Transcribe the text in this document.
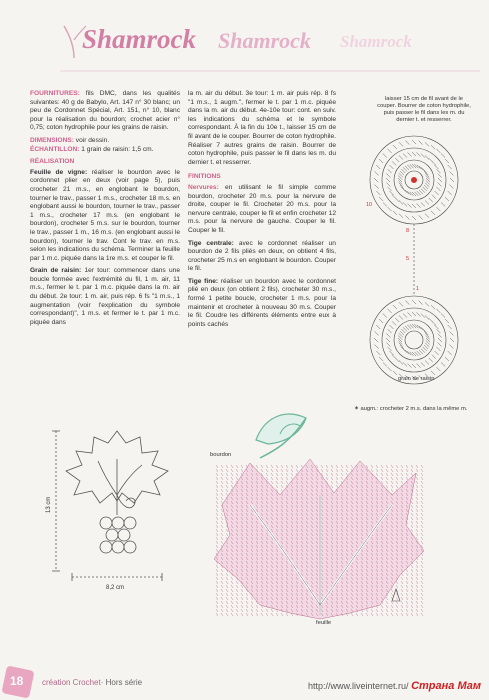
Shamrock Shamrock Shamrock

FOURNITURES: fils DMC, dans les qualités suivantes: 40 g de Babylo, Art. 147 n° 30 blanc; un peu de Cordonnet Spécial, Art. 151, n° 10, blanc pour la réalisation du bourdon; crochet acier n° 0,75; coton hydrophile pour les grains de raisin.

DIMENSIONS: voir dessin.

ÉCHANTILLON: 1 grain de raisin: 1,5 cm.

RÉALISATION

Feuille de vigne: réaliser le bourdon avec le cordonnet plier en deux (voir page 5), puis crocheter 21 m.s., en englobant le bourdon, tourner le trav., passer 1 m.s., crocheter 18 m.s. en englobant aussi le bourdon, tourner le trav., passer 1 m.s., crocheter 17 m.s. (en englobant le bourdon), crocheter 5 m.s. sur le bourdon, tourner le trav., passer 1 m., 16 m.s. (en englobant aussi le bourdon), tourner le trav. Cont le trav. en m.s. selon les indications du schéma. Terminer la feuille par 1 m.c. piquée dans la 1re m.s. et couper le fil.

Grain de raisin: 1er tour: commencer dans une boucle formée avec l'extrémité du fil, 1 m. air, 11 m.s., fermer le t. par 1 m.c. piquée dans la m. air du début. 2e tour: 1 m. air, puis rép. 6 fs "1 m.s., 1 augmentation (voir l'explication du symbole correspondant)", 1 m.s. et fermer le t. par 1 m.c. piquée dans

la m. air du début. 3e tour: 1 m. air puis rép. 8 fs "1 m.s., 1 augm.", fermer le t. par 1 m.c. piquée dans la m. air du début. 4e-10e tour: cont. en suiv. les indications du schéma et le symbole correspondant. À la fin du 10e t., laisser 15 cm de fil avant de le couper. Bourrer de coton hydrophile. Réaliser 7 autres grains de raisin. Bourrer de coton hydrophile, puis passer le fil dans les m. du dernier t. et resserrer.

FINITIONS

Nervures: en utilisant le fil simple comme bourdon, crocheter 20 m.s. pour la nervure de droite, couper le fil. Crocheter 20 m.s. pour la nervure centrale, couper le fil et enfin crocheter 12 m.s. pour la nervure de gauche. Couper le fil. Couper le fil.

Tige centrale: avec le cordonnet réaliser un bourdon de 2 fils pliés en deux, on obtient 4 fils, crocheter 25 m.s en englobant le bourdon. Couper le fil.

Tige fine: réaliser un bourdon avec le cordonnet plié en deux (on obtient 2 fils), crocheter 30 m.s., formé 1 petite boucle, crocheter 1 m.s. pour la maintenir et crocheter à nouveau 30 m.s. Couper le fil. Coudre les différents éléments entre eux à points cachés

laisser 15 cm de fil avant de le couper. Bourrer de coton hydrophile, puis passer le fil dans les m. du dernier t. et resserrer.
10
8
5
1
grain de raisin
✶ augm.: crocheter 2 m.s. dans la même m.
13 cm
8,2 cm
bourdon
feuille
18 création Crochet· Hors série	http://www.liveinternet.ru/ Страна Мам
